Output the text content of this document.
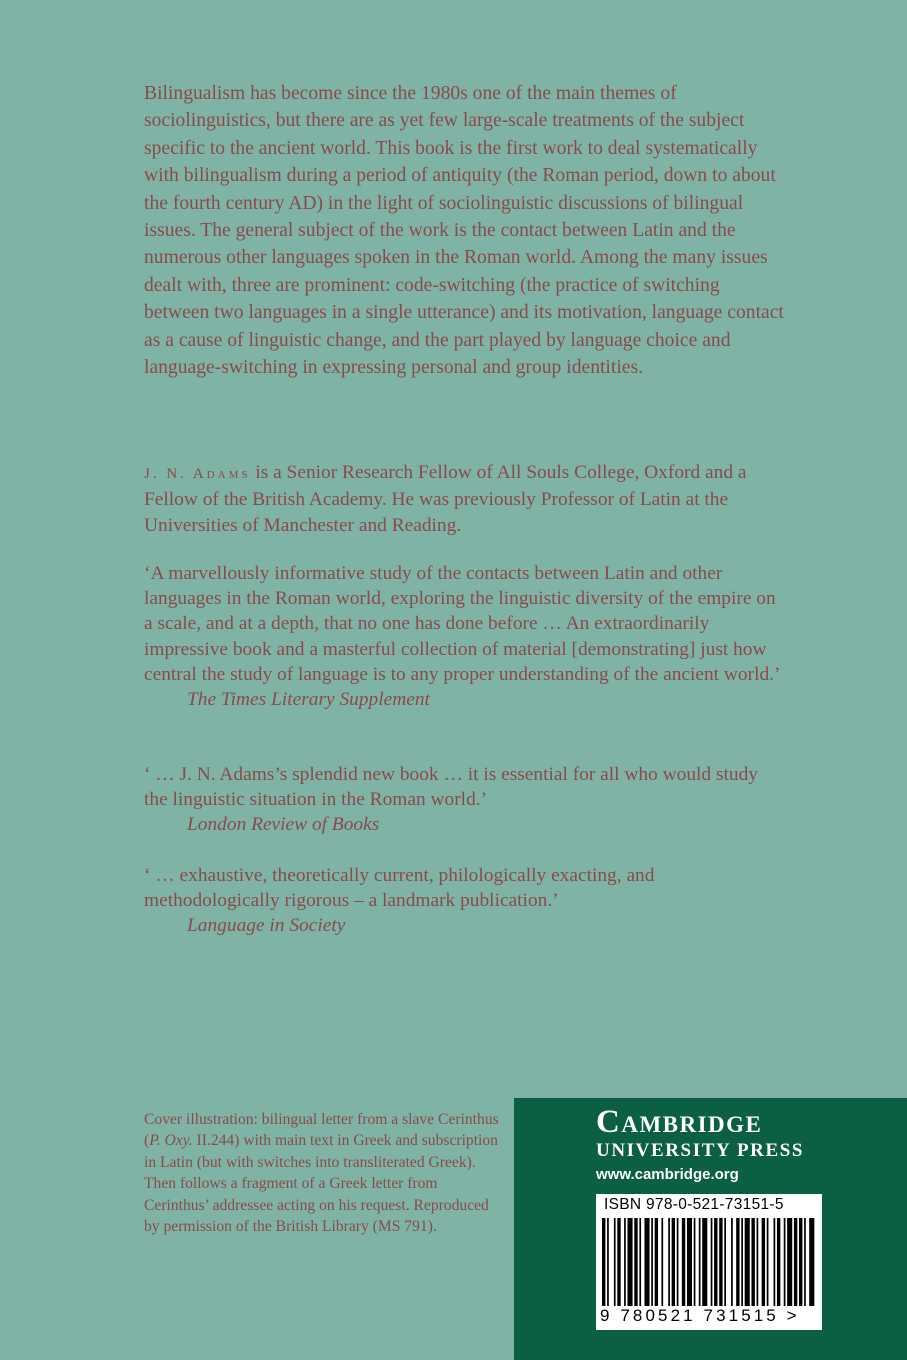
Bilingualism has become since the 1980s one of the main themes of sociolinguistics, but there are as yet few large-scale treatments of the subject specific to the ancient world. This book is the first work to deal systematically with bilingualism during a period of antiquity (the Roman period, down to about the fourth century AD) in the light of sociolinguistic discussions of bilingual issues. The general subject of the work is the contact between Latin and the numerous other languages spoken in the Roman world. Among the many issues dealt with, three are prominent: code-switching (the practice of switching between two languages in a single utterance) and its motivation, language contact as a cause of linguistic change, and the part played by language choice and language-switching in expressing personal and group identities.
J. N. Adams is a Senior Research Fellow of All Souls College, Oxford and a Fellow of the British Academy. He was previously Professor of Latin at the Universities of Manchester and Reading.
‘A marvellously informative study of the contacts between Latin and other languages in the Roman world, exploring the linguistic diversity of the empire on a scale, and at a depth, that no one has done before … An extraordinarily impressive book and a masterful collection of material [demonstrating] just how central the study of language is to any proper understanding of the ancient world.’
The Times Literary Supplement
‘ … J. N. Adams’s splendid new book … it is essential for all who would study the linguistic situation in the Roman world.’
London Review of Books
‘ … exhaustive, theoretically current, philologically exacting, and methodologically rigorous – a landmark publication.’
Language in Society
Cover illustration: bilingual letter from a slave Cerinthus (P. Oxy. II.244) with main text in Greek and subscription in Latin (but with switches into transliterated Greek). Then follows a fragment of a Greek letter from Cerinthus’ addressee acting on his request. Reproduced by permission of the British Library (MS 791).
Cambridge
UNIVERSITY PRESS
www.cambridge.org
ISBN 978-0-521-73151-5
9 780521 731515 >
